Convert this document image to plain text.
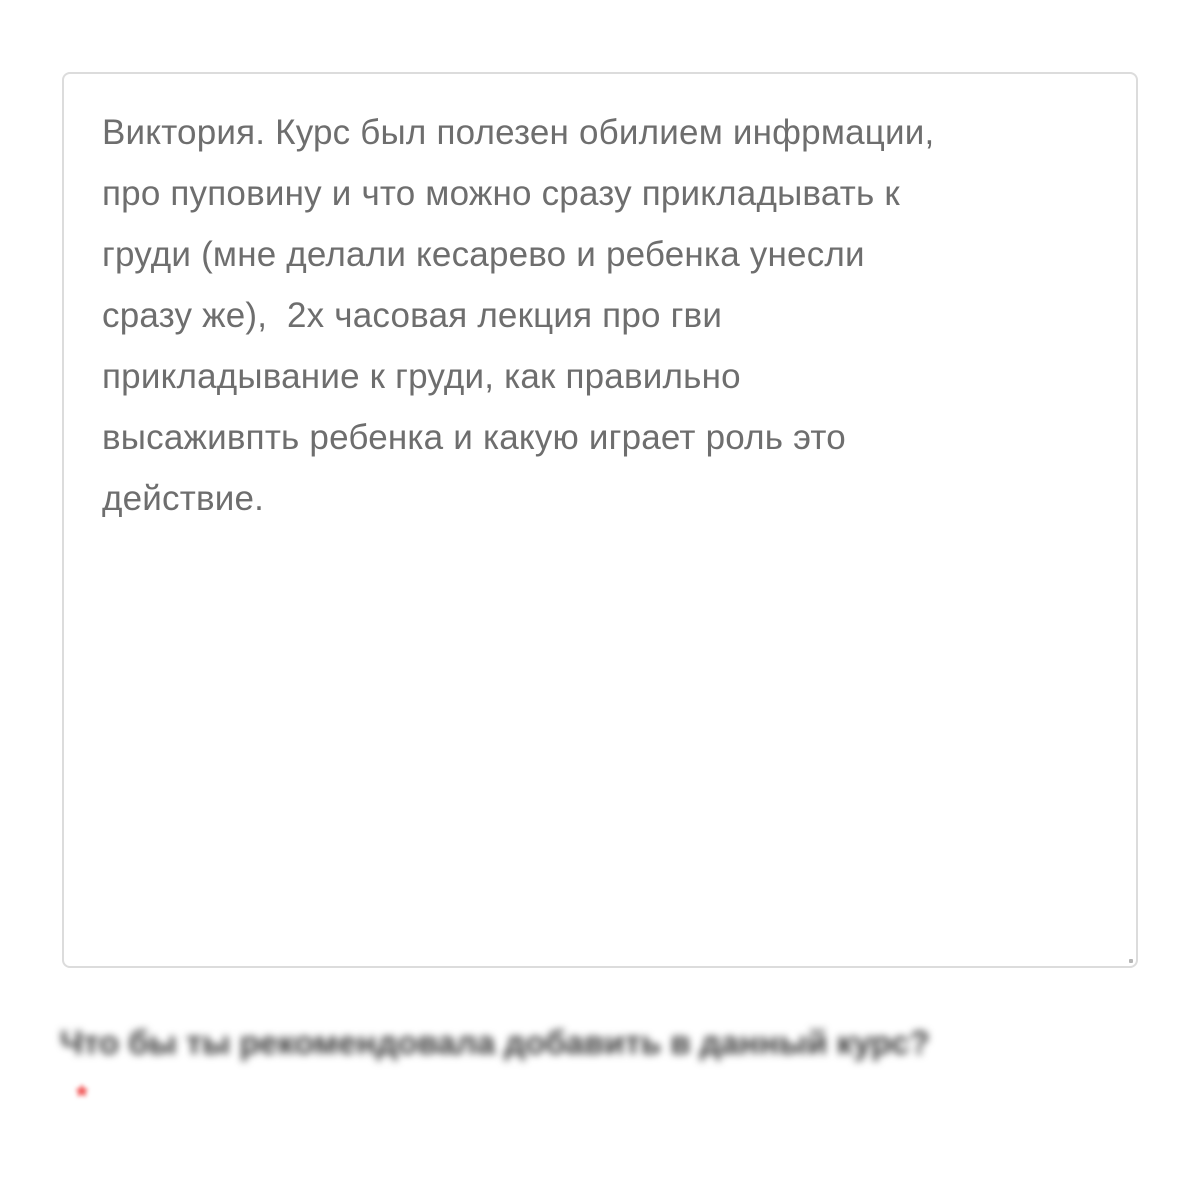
Виктория. Курс был полезен обилием инфрмации,
про пуповину и что можно сразу прикладывать к
груди (мне делали кесарево и ребенка унесли
сразу же),  2х часовая лекция про гви
прикладывание к груди, как правильно
высаживпть ребенка и какую играет роль это
действие.
Что бы ты рекомендовала добавить в данный курс?
*
